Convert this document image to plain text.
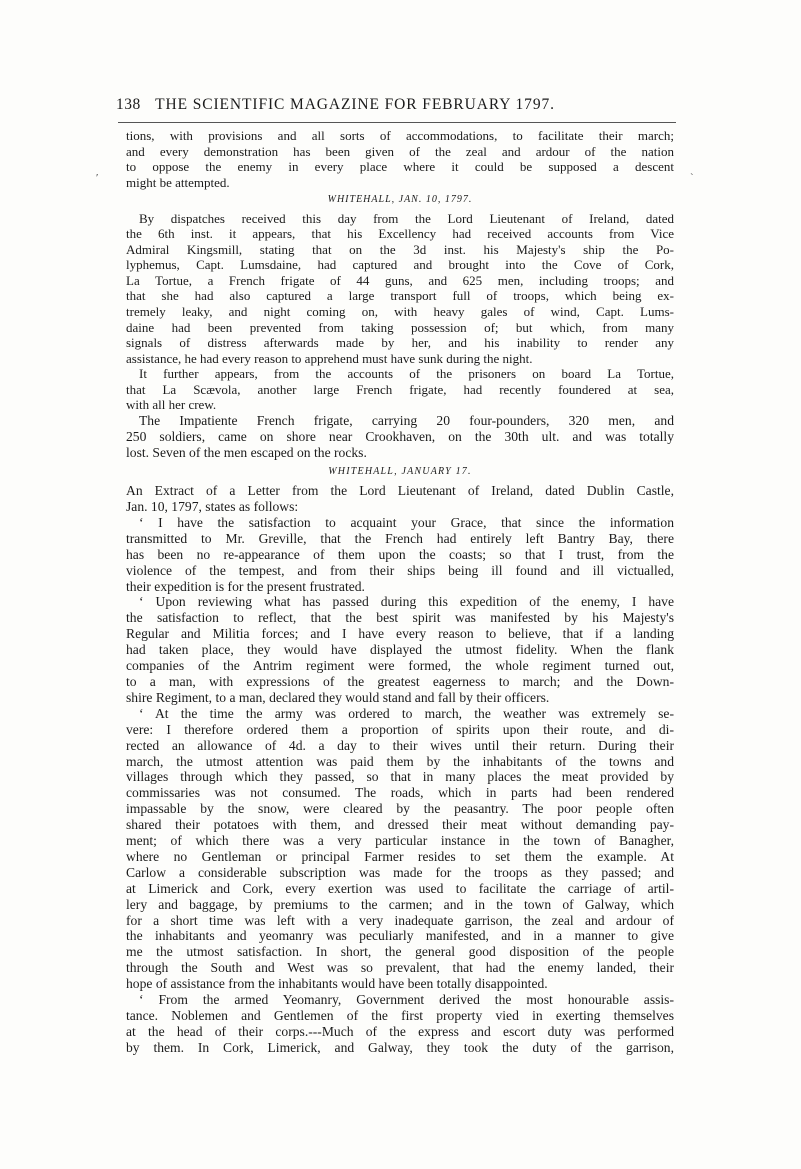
138 THE SCIENTIFIC MAGAZINE FOR FEBRUARY 1797.
ʹ	ˋ
tions, with provisions and all sorts of accommodations, to facilitate their march;
and every demonstration has been given of the zeal and ardour of the nation
to oppose the enemy in every place where it could be supposed a descent
might be attempted.
WHITEHALL, JAN. 10, 1797.
By dispatches received this day from the Lord Lieutenant of Ireland, dated
the 6th inst. it appears, that his Excellency had received accounts from Vice
Admiral Kingsmill, stating that on the 3d inst. his Majesty's ship the Po-
lyphemus, Capt. Lumsdaine, had captured and brought into the Cove of Cork,
La Tortue, a French frigate of 44 guns, and 625 men, including troops; and
that she had also captured a large transport full of troops, which being ex-
tremely leaky, and night coming on, with heavy gales of wind, Capt. Lums-
daine had been prevented from taking possession of; but which, from many
signals of distress afterwards made by her, and his inability to render any
assistance, he had every reason to apprehend must have sunk during the night.
It further appears, from the accounts of the prisoners on board La Tortue,
that La Scævola, another large French frigate, had recently foundered at sea,
with all her crew.
The Impatiente French frigate, carrying 20 four-pounders, 320 men, and
250 soldiers, came on shore near Crookhaven, on the 30th ult. and was totally
lost. Seven of the men escaped on the rocks.
WHITEHALL, JANUARY 17.
An Extract of a Letter from the Lord Lieutenant of Ireland, dated Dublin Castle,
Jan. 10, 1797, states as follows:
‘ I have the satisfaction to acquaint your Grace, that since the information
transmitted to Mr. Greville, that the French had entirely left Bantry Bay, there
has been no re-appearance of them upon the coasts; so that I trust, from the
violence of the tempest, and from their ships being ill found and ill victualled,
their expedition is for the present frustrated.
‘ Upon reviewing what has passed during this expedition of the enemy, I have
the satisfaction to reflect, that the best spirit was manifested by his Majesty's
Regular and Militia forces; and I have every reason to believe, that if a landing
had taken place, they would have displayed the utmost fidelity. When the flank
companies of the Antrim regiment were formed, the whole regiment turned out,
to a man, with expressions of the greatest eagerness to march; and the Down-
shire Regiment, to a man, declared they would stand and fall by their officers.
‘ At the time the army was ordered to march, the weather was extremely se-
vere: I therefore ordered them a proportion of spirits upon their route, and di-
rected an allowance of 4d. a day to their wives until their return. During their
march, the utmost attention was paid them by the inhabitants of the towns and
villages through which they passed, so that in many places the meat provided by
commissaries was not consumed. The roads, which in parts had been rendered
impassable by the snow, were cleared by the peasantry. The poor people often
shared their potatoes with them, and dressed their meat without demanding pay-
ment; of which there was a very particular instance in the town of Banagher,
where no Gentleman or principal Farmer resides to set them the example. At
Carlow a considerable subscription was made for the troops as they passed; and
at Limerick and Cork, every exertion was used to facilitate the carriage of artil-
lery and baggage, by premiums to the carmen; and in the town of Galway, which
for a short time was left with a very inadequate garrison, the zeal and ardour of
the inhabitants and yeomanry was peculiarly manifested, and in a manner to give
me the utmost satisfaction. In short, the general good disposition of the people
through the South and West was so prevalent, that had the enemy landed, their
hope of assistance from the inhabitants would have been totally disappointed.
‘ From the armed Yeomanry, Government derived the most honourable assis-
tance. Noblemen and Gentlemen of the first property vied in exerting themselves
at the head of their corps.---Much of the express and escort duty was performed
by them. In Cork, Limerick, and Galway, they took the duty of the garrison,
